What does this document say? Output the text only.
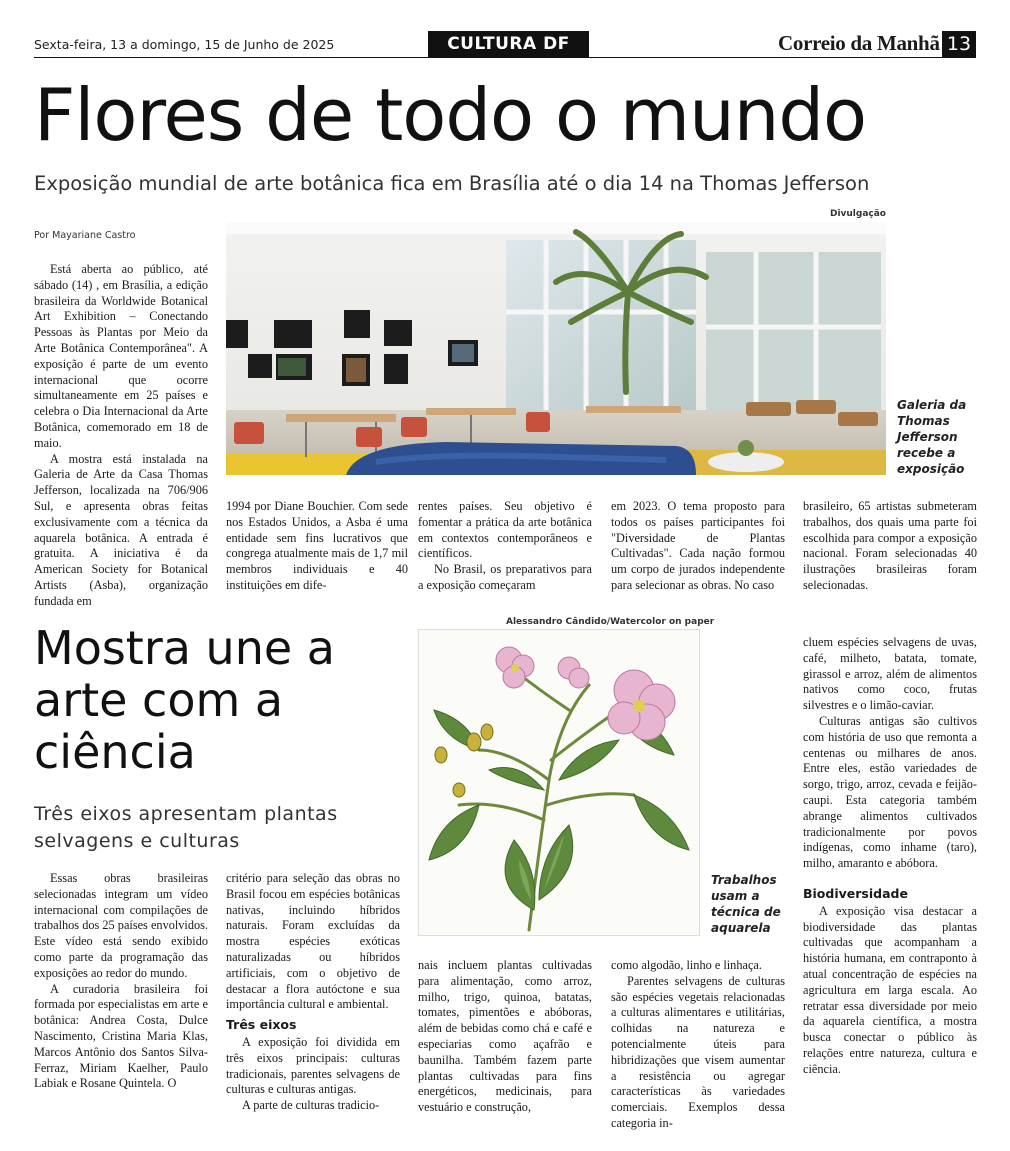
Sexta-feira, 13 a domingo, 15 de Junho de 2025	CULTURA DF	Correio da Manhã 13
Flores de todo o mundo
Exposição mundial de arte botânica fica em Brasília até o dia 14 na Thomas Jefferson
Divulgação
Por Mayariane Castro

Está aberta ao público, até sábado (14) , em Brasília, a edição brasileira da Worldwide Botanical Art Exhibition – Conectando Pessoas às Plantas por Meio da Arte Botânica Contemporânea". A exposição é parte de um evento internacional que ocorre simultaneamente em 25 países e celebra o Dia Internacional da Arte Botânica, comemorado em 18 de maio.

A mostra está instalada na Galeria de Arte da Casa Thomas Jefferson, localizada na 706/906 Sul, e apresenta obras feitas exclusivamente com a técnica da aquarela botânica. A entrada é gratuita. A iniciativa é da American Society for Botanical Artists (Asba), organização fundada em

Galeria da Thomas Jefferson recebe a exposição

1994 por Diane Bouchier. Com sede nos Estados Unidos, a Asba é uma entidade sem fins lucrativos que congrega atualmente mais de 1,7 mil membros individuais e 40 instituições em dife-

rentes países. Seu objetivo é fomentar a prática da arte botânica em contextos contemporâneos e científicos.

No Brasil, os preparativos para a exposição começaram

em 2023. O tema proposto para todos os países participantes foi "Diversidade de Plantas Cultivadas". Cada nação formou um corpo de jurados independente para selecionar as obras. No caso

brasileiro, 65 artistas submeteram trabalhos, dos quais uma parte foi escolhida para compor a exposição nacional. Foram selecionadas 40 ilustrações brasileiras foram selecionadas.

Mostra une a arte com a ciência
Três eixos apresentam plantas selvagens e culturas
Alessandro Cândido/Watercolor on paper
Trabalhos usam a técnica de aquarela

Essas obras brasileiras selecionadas integram um vídeo internacional com compilações de trabalhos dos 25 países envolvidos. Este vídeo está sendo exibido como parte da programação das exposições ao redor do mundo.

A curadoria brasileira foi formada por especialistas em arte e botânica: Andrea Costa, Dulce Nascimento, Cristina Maria Klas, Marcos Antônio dos Santos Silva-Ferraz, Miriam Kaelher, Paulo Labiak e Rosane Quintela. O

critério para seleção das obras no Brasil focou em espécies botânicas nativas, incluindo híbridos naturais. Foram excluídas da mostra espécies exóticas naturalizadas ou híbridos artificiais, com o objetivo de destacar a flora autóctone e sua importância cultural e ambiental.

Três eixos

A exposição foi dividida em três eixos principais: culturas tradicionais, parentes selvagens de culturas e culturas antigas.

A parte de culturas tradicio-

nais incluem plantas cultivadas para alimentação, como arroz, milho, trigo, quinoa, batatas, tomates, pimentões e abóboras, além de bebidas como chá e café e especiarias como açafrão e baunilha. Também fazem parte plantas cultivadas para fins energéticos, medicinais, para vestuário e construção,

como algodão, linho e linhaça.

Parentes selvagens de culturas são espécies vegetais relacionadas a culturas alimentares e utilitárias, colhidas na natureza e potencialmente úteis para hibridizações que visem aumentar a resistência ou agregar características às variedades comerciais. Exemplos dessa categoria in-

cluem espécies selvagens de uvas, café, milheto, batata, tomate, girassol e arroz, além de alimentos nativos como coco, frutas silvestres e o limão-caviar.

Culturas antigas são cultivos com história de uso que remonta a centenas ou milhares de anos. Entre eles, estão variedades de sorgo, trigo, arroz, cevada e feijão-caupi. Esta categoria também abrange alimentos cultivados tradicionalmente por povos indígenas, como inhame (taro), milho, amaranto e abóbora.

Biodiversidade

A exposição visa destacar a biodiversidade das plantas cultivadas que acompanham a história humana, em contraponto à atual concentração de espécies na agricultura em larga escala. Ao retratar essa diversidade por meio da aquarela científica, a mostra busca conectar o público às relações entre natureza, cultura e ciência.
